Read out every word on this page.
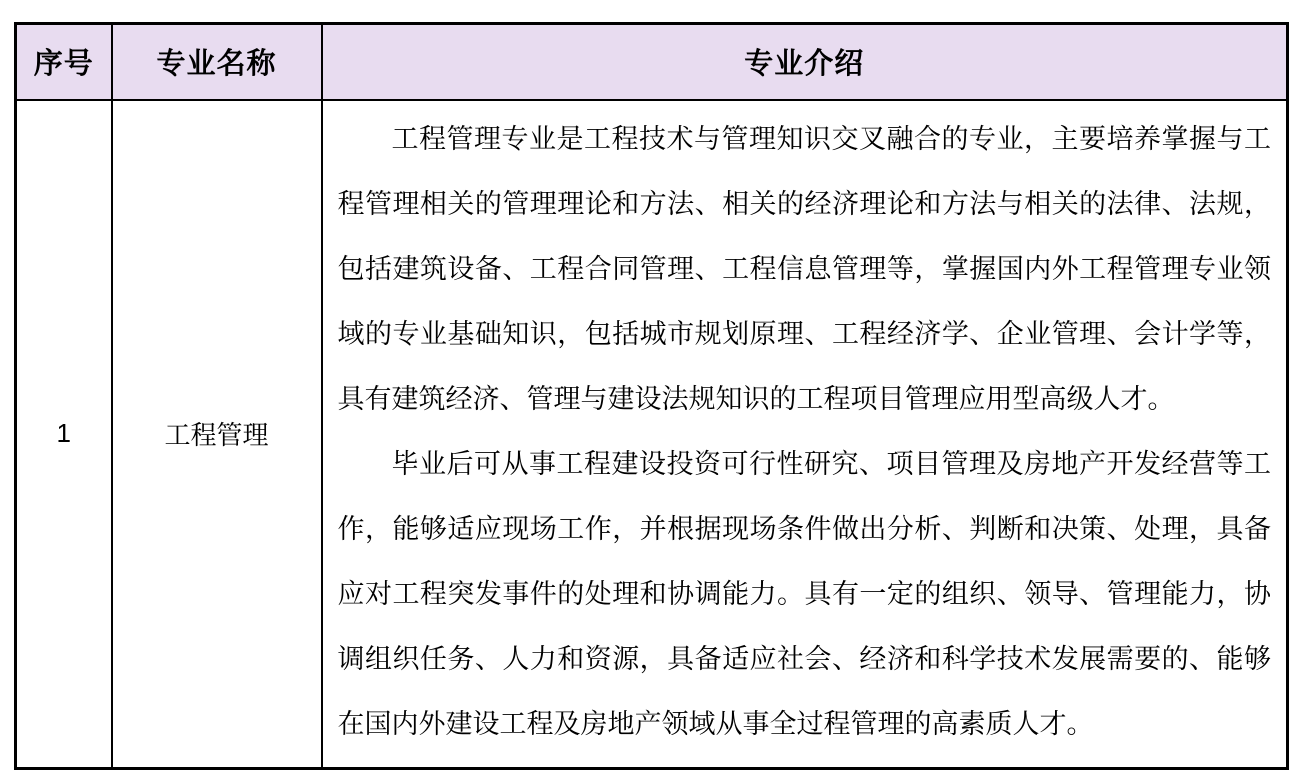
序号	专业名称	专业介绍
1	工程管理	工程管理专业是工程技术与管理知识交叉融合的专业，主要培养掌握与工程管理相关的管理理论和方法、相关的经济理论和方法与相关的法律、法规，包括建筑设备、工程合同管理、工程信息管理等，掌握国内外工程管理专业领域的专业基础知识，包括城市规划原理、工程经济学、企业管理、会计学等，具有建筑经济、管理与建设法规知识的工程项目管理应用型高级人才。

毕业后可从事工程建设投资可行性研究、项目管理及房地产开发经营等工作，能够适应现场工作，并根据现场条件做出分析、判断和决策、处理，具备应对工程突发事件的处理和协调能力。具有一定的组织、领导、管理能力，协调组织任务、人力和资源，具备适应社会、经济和科学技术发展需要的、能够在国内外建设工程及房地产领域从事全过程管理的高素质人才。
